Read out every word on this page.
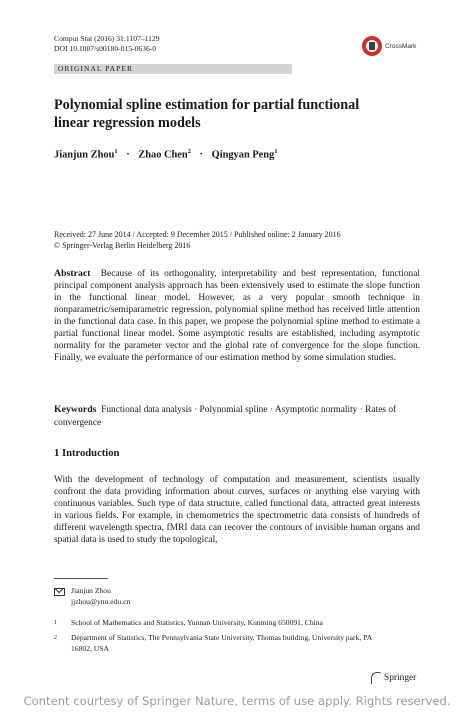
Comput Stat (2016) 31:1107–1129
DOI 10.1007/s00180-015-0636-0	CrossMark
ORIGINAL PAPER
Polynomial spline estimation for partial functional
linear regression models
Jianjun Zhou$^1$ · Zhao Chen$^2$ · Qingyan Peng$^1$
Received: 27 June 2014 / Accepted: 9 December 2015 / Published online: 2 January 2016
© Springer-Verlag Berlin Heidelberg 2016

Abstract Because of its orthogonality, interpretability and best representation, functional principal component analysis approach has been extensively used to estimate the slope function in the functional linear model. However, as a very popular smooth technique in nonparametric/semiparametric regression, polynomial spline method has received little attention in the functional data case. In this paper, we propose the polynomial spline method to estimate a partial functional linear model. Some asymptotic results are established, including asymptotic normality for the parameter vector and the global rate of convergence for the slope function. Finally, we evaluate the performance of our estimation method by some simulation studies.

Keywords Functional data analysis · Polynomial spline · Asymptotic normality · Rates of convergence

1 Introduction

With the development of technology of computation and measurement, scientists usually confront the data providing information about curves, surfaces or anything else varying with continuous variables. Such type of data structure, called functional data, attracted great interests in various fields. For example, in chemometrics the spectrometric data consists of hundreds of different wavelength spectra, fMRI data can recover the contours of invisible human organs and spatial data is used to study the topological,

Jianjun Zhou
jjzhou@ynu.edu.cn
1	School of Mathematics and Statistics, Yunnan University, Kunming 650091, China
2	Department of Statistics, The Pennsylvania State University, Thomas building, University park, PA 16802, USA
Springer
Content courtesy of Springer Nature, terms of use apply. Rights reserved.
